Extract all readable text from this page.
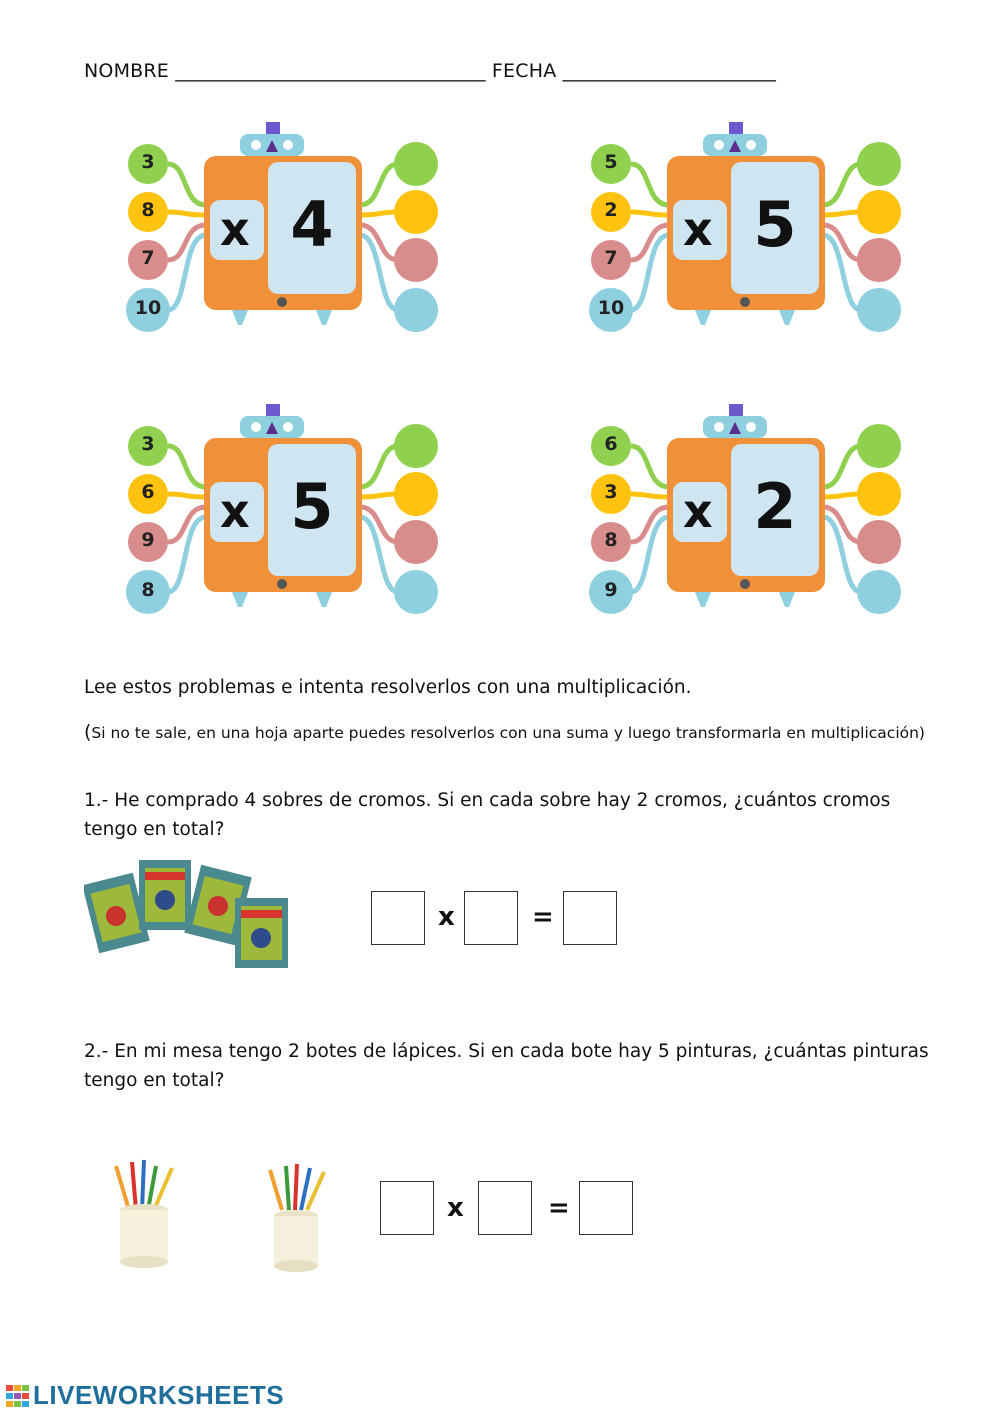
NOMBRE ________________________________ FECHA ______________________
3
8
7
10
x 4
5
2
7
10
x 5
3
6
9
8
x 5
6
3
8
9
x 2
Lee estos problemas e intenta resolverlos con una multiplicación.
(Si no te sale, en una hoja aparte puedes resolverlos con una suma y luego transformarla en multiplicación)
1.- He comprado 4 sobres de cromos. Si en cada sobre hay 2 cromos, ¿cuántos cromos tengo en total?
x	=
2.- En mi mesa tengo 2 botes de lápices. Si en cada bote hay 5 pinturas, ¿cuántas pinturas tengo en total?
x	=
LIVEWORKSHEETS
